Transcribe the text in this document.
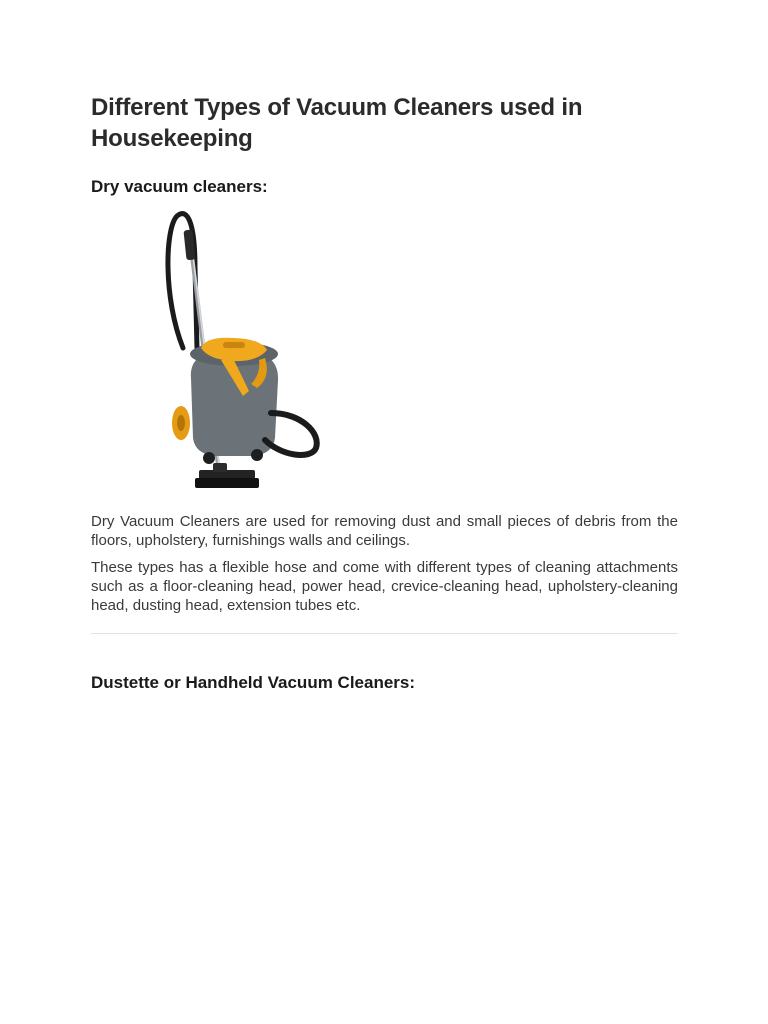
Different Types of Vacuum Cleaners used in Housekeeping
Dry vacuum cleaners:

Dry Vacuum Cleaners are used for removing dust and small pieces of debris from the floors, upholstery, furnishings walls and ceilings.

These types has a flexible hose and come with different types of cleaning attachments such as a floor-cleaning head, power head, crevice-cleaning head, upholstery-cleaning head, dusting head, extension tubes etc.

Dustette or Handheld Vacuum Cleaners:
